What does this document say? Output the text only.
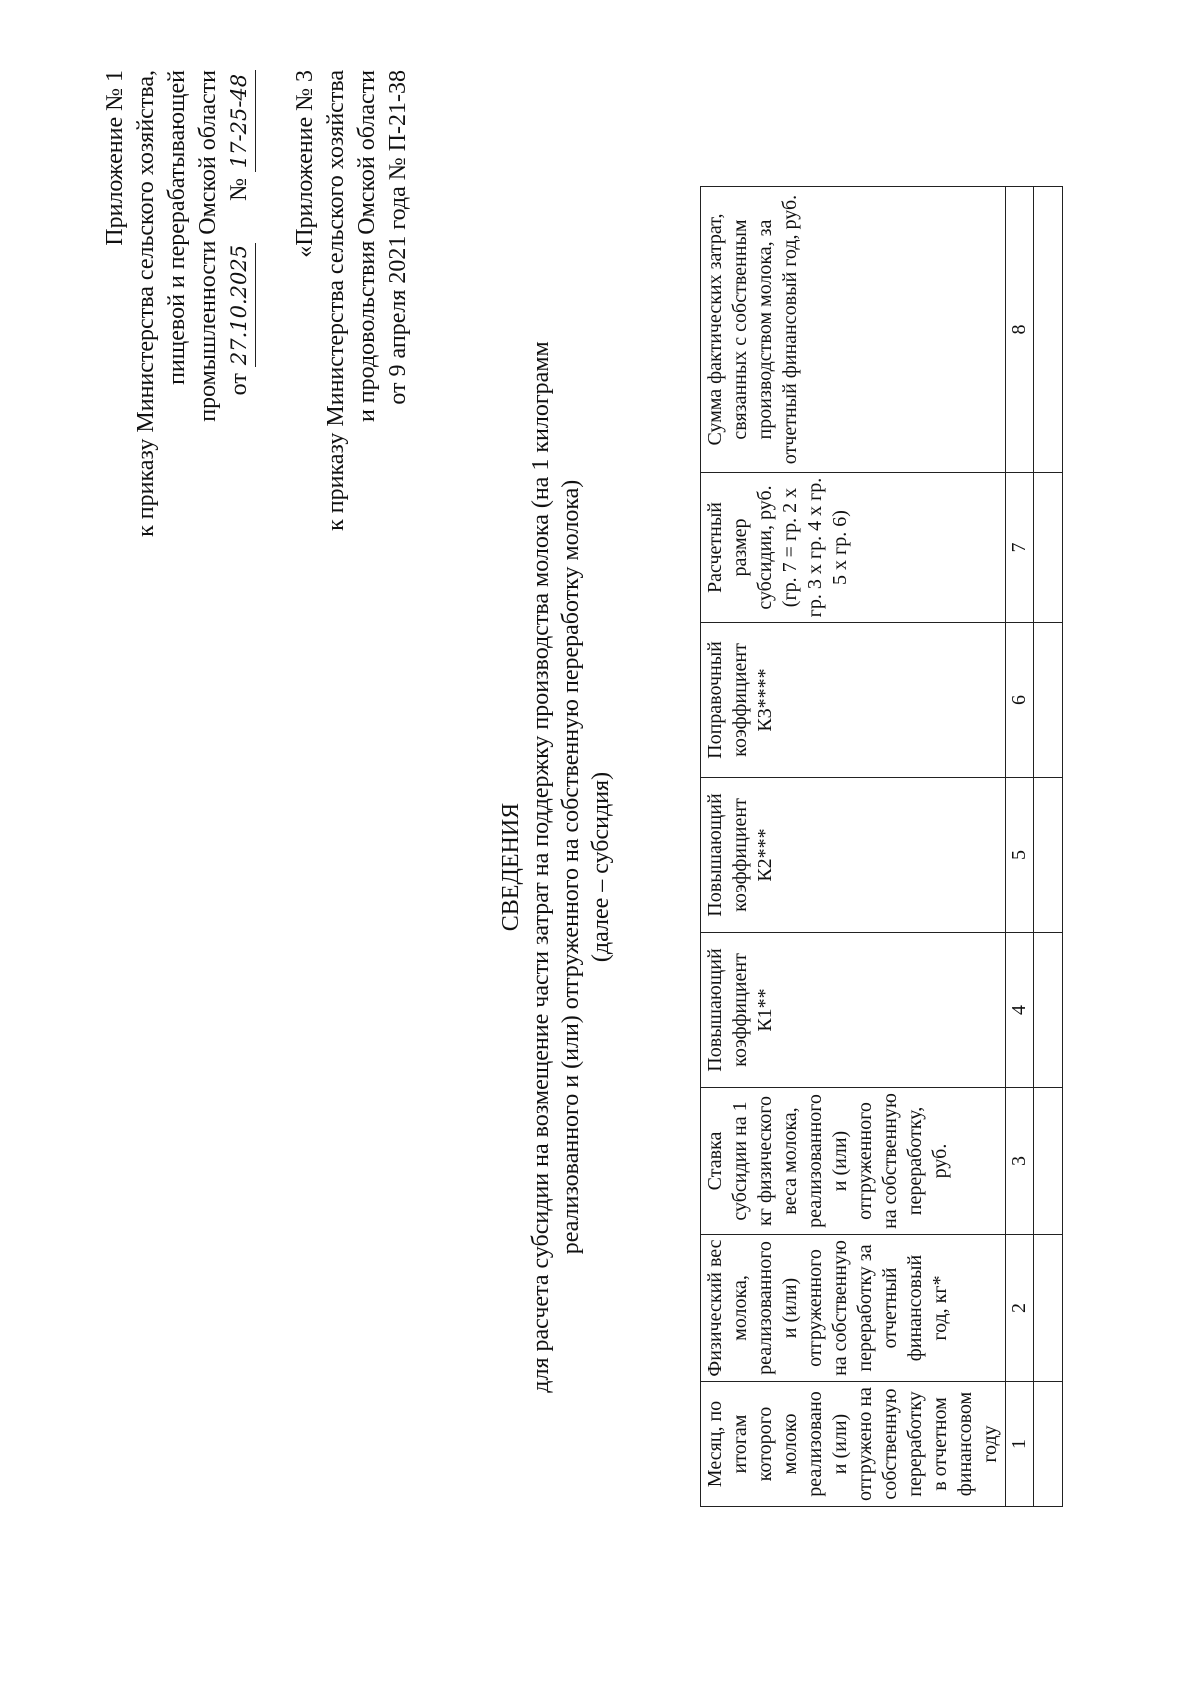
Приложение № 1 к приказу Министерства сельского хозяйства, пищевой и перерабатывающей промышленности Омской области от 27.10.2025       № 17-25-48 «Приложение № 3 к приказу Министерства сельского хозяйства и продовольствия Омской области от 9 апреля 2021 года № П-21-38
СВЕДЕНИЯ для расчета субсидии на возмещение части затрат на поддержку производства молока (на 1 килограмм реализованного и (или) отгруженного на собственную переработку молока) (далее – субсидия)
Месяц, по итогам которого молоко реализовано и (или) отгружено на собственную переработку в отчетном финансовом году	Физический вес молока, реализованного и (или) отгруженного на собственную переработку за отчетный финансовый год, кг*	Ставка субсидии на 1 кг физического веса молока, реализованного и (или) отгруженного на собственную переработку, руб.	Повышающий коэффициент К1**	Повышающий коэффициент К2***	Поправочный коэффициент К3****	Расчетный размер субсидии, руб. (гр. 7 = гр. 2 х гр. 3 х гр. 4 х гр. 5 х гр. 6)	Сумма фактических затрат, связанных с собственным производством молока, за отчетный финансовый год, руб.
1	2	3	4	5	6	7	8
